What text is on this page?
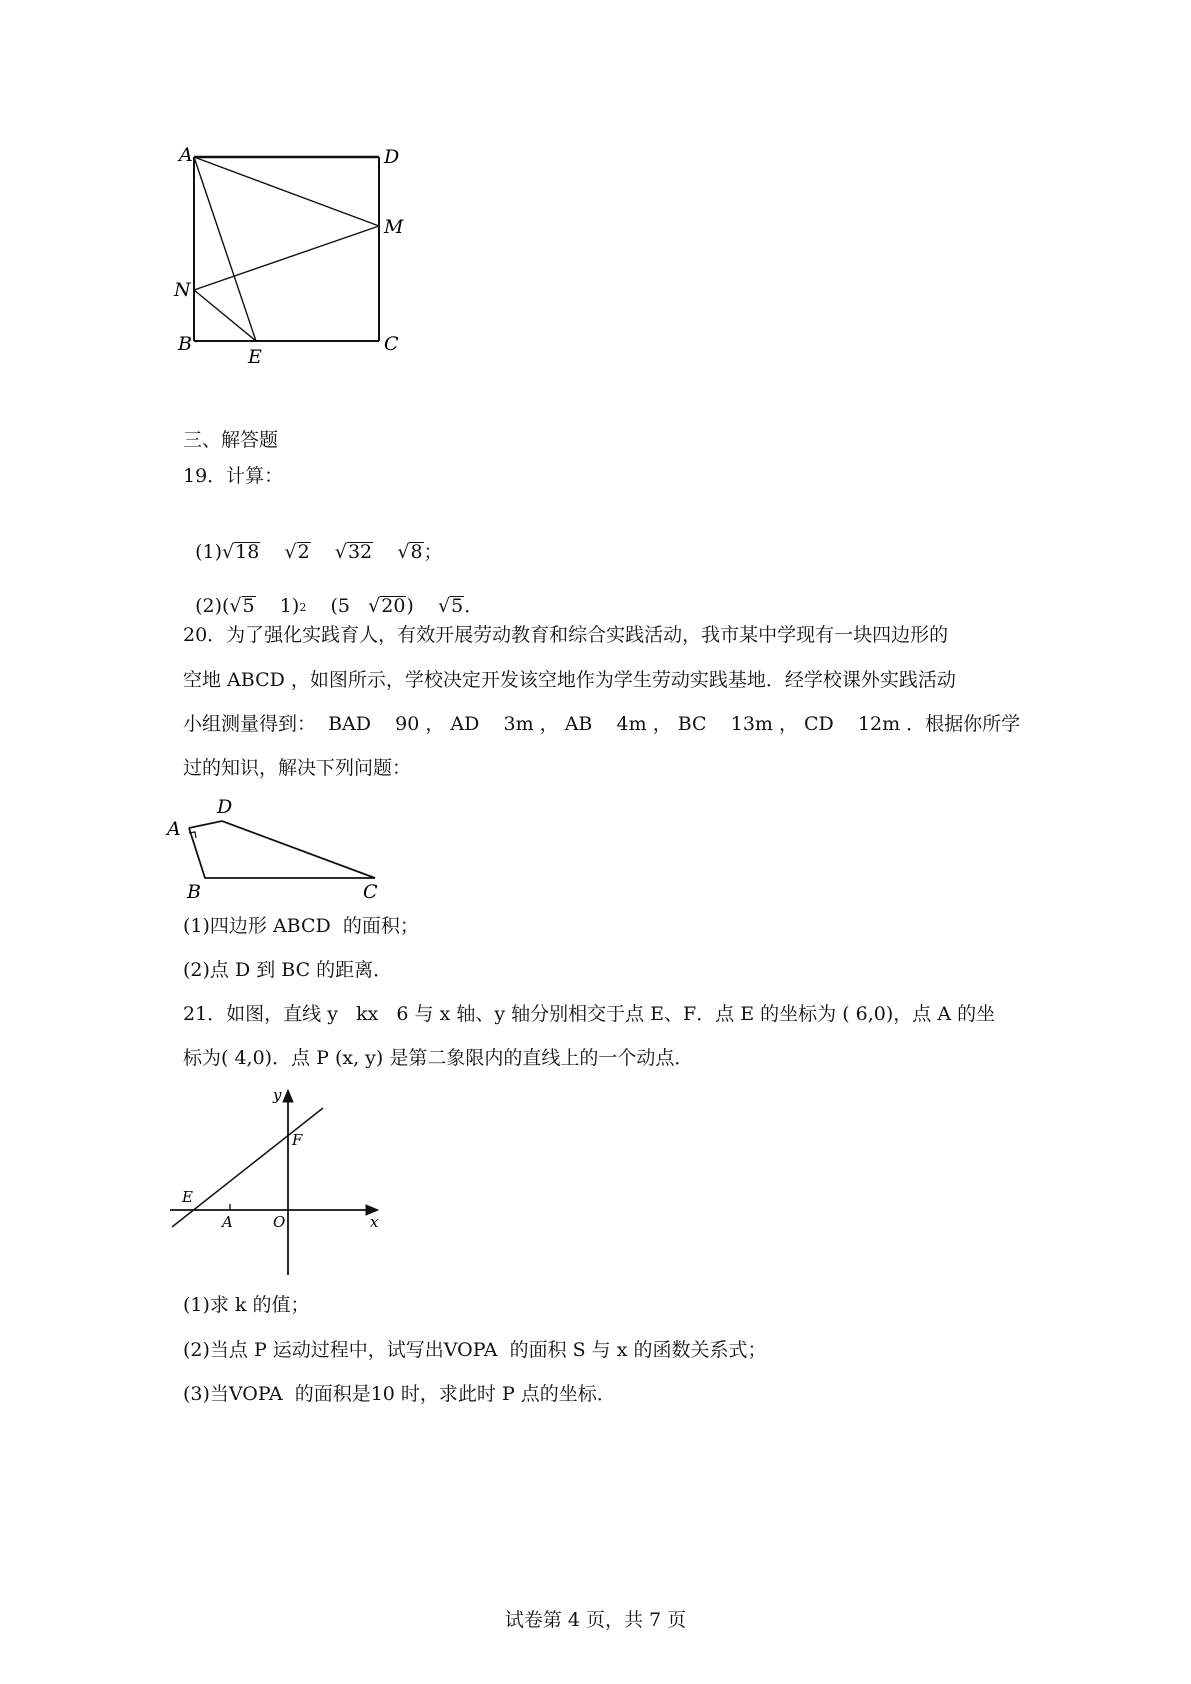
A	D
M
N
B
E
C
三、解答题
19．计算：

(1)√18 √2 √32 √8；

(2)(√5 1)2 (5 √20) √5．

20．为了强化实践育人，有效开展劳动教育和综合实践活动，我市某中学现有一块四边形的
空地 ABCD ，如图所示，学校决定开发该空地作为学生劳动实践基地．经学校课外实践活动
小组测量得到：  BAD    90 ， AD    3m ， AB    4m ， BC    13m ， CD    12m ．根据你所学
过的知识，解决下列问题：
A
D
B	C
(1)四边形 ABCD  的面积；
(2)点 D 到 BC 的距离．
21．如图，直线 y   kx   6 与 x 轴、y 轴分别相交于点 E、F．点 E 的坐标为 ( 6,0)，点 A 的坐
标为( 4,0)．点 P (x, y) 是第二象限内的直线上的一个动点．
y
F
E
A	O	x
(1)求 k 的值；
(2)当点 P 运动过程中，试写出VOPA  的面积 S 与 x 的函数关系式；
(3)当VOPA  的面积是10 时，求此时 P 点的坐标．
试卷第 4 页，共 7 页
